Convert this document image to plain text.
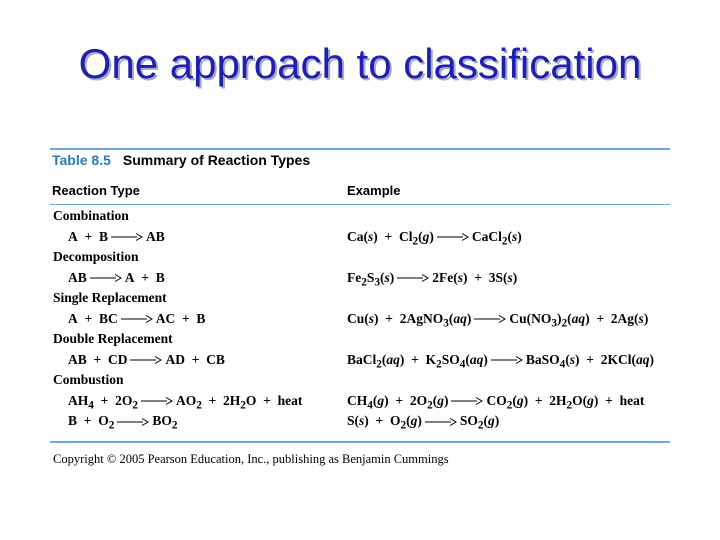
One approach to classification
Table 8.5 Summary of Reaction Types
Reaction Type	Example
Combination
A  +  B → AB	$Ca(s) + Cl_2(g)$ → CaCl$_2$(s)
Decomposition
AB → A  +  B	$Fe_2S_3(s) \to 2Fe(s) + 3S(s)$
Single Replacement
A  +  BC → AC  +  B	Cu(s)  +  2AgNO$_3$(aq) → $Cu(NO_3)_2(aq) + 2Ag(s)$
Double Replacement
AB  +  CD → AD  +  CB	BaCl$_2$(aq)  +  $K_2SO_4(aq)$ → BaSO$_4$(s)  +  2KCl(aq)
Combustion
$AH_4 + 2O_2 \to AO_2 + 2H_2O$  +  heat	$CH_4(g) + 2O_2(g) \to CO_2(g) + 2H_2O(g)$  +  heat
$B + O_2 \to BO_2$	$S(s) + O_2(g) \to SO_2(g)$
Copyright © 2005 Pearson Education, Inc., publishing as Benjamin Cummings
